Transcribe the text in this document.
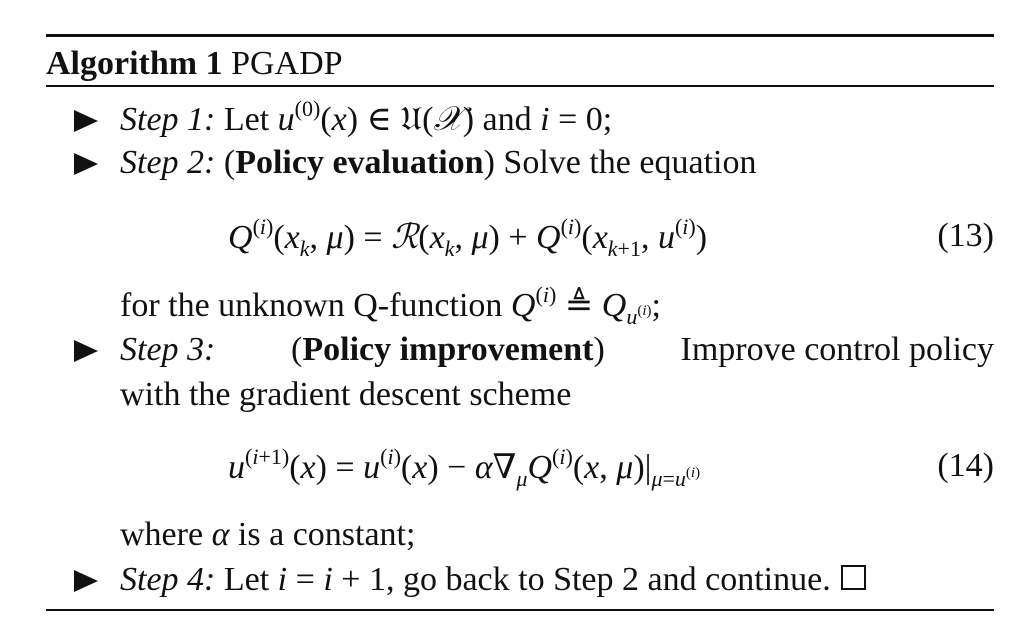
Algorithm 1 PGADP
Step 1: Let $u^{(0)}(x)$ ∈ 𝔘(𝒳) and i = 0;
Step 2: (Policy evaluation) Solve the equation
$Q^{(i)}(x_k$, $\mu) = ℛ(x_k$, $\mu) + Q^{(i)}(x_{k+1}$, $u^{(i)}$)	(13)
for the unknown Q-function $Q^{(i)}$ ≜ $Q_{u^{(i)}}$;
Step 3: (Policy improvement) Improve control policy
with the gradient descent scheme
$u^{(i+1)}(x) = u^{(i)}(x) - \alpha\nabla_\mu Q^{(i)}(x$, $\mu)|_{\mu=u^{(i)}}$	(14)
where α is a constant;
Step 4: Let i = i + 1, go back to Step 2 and continue.
